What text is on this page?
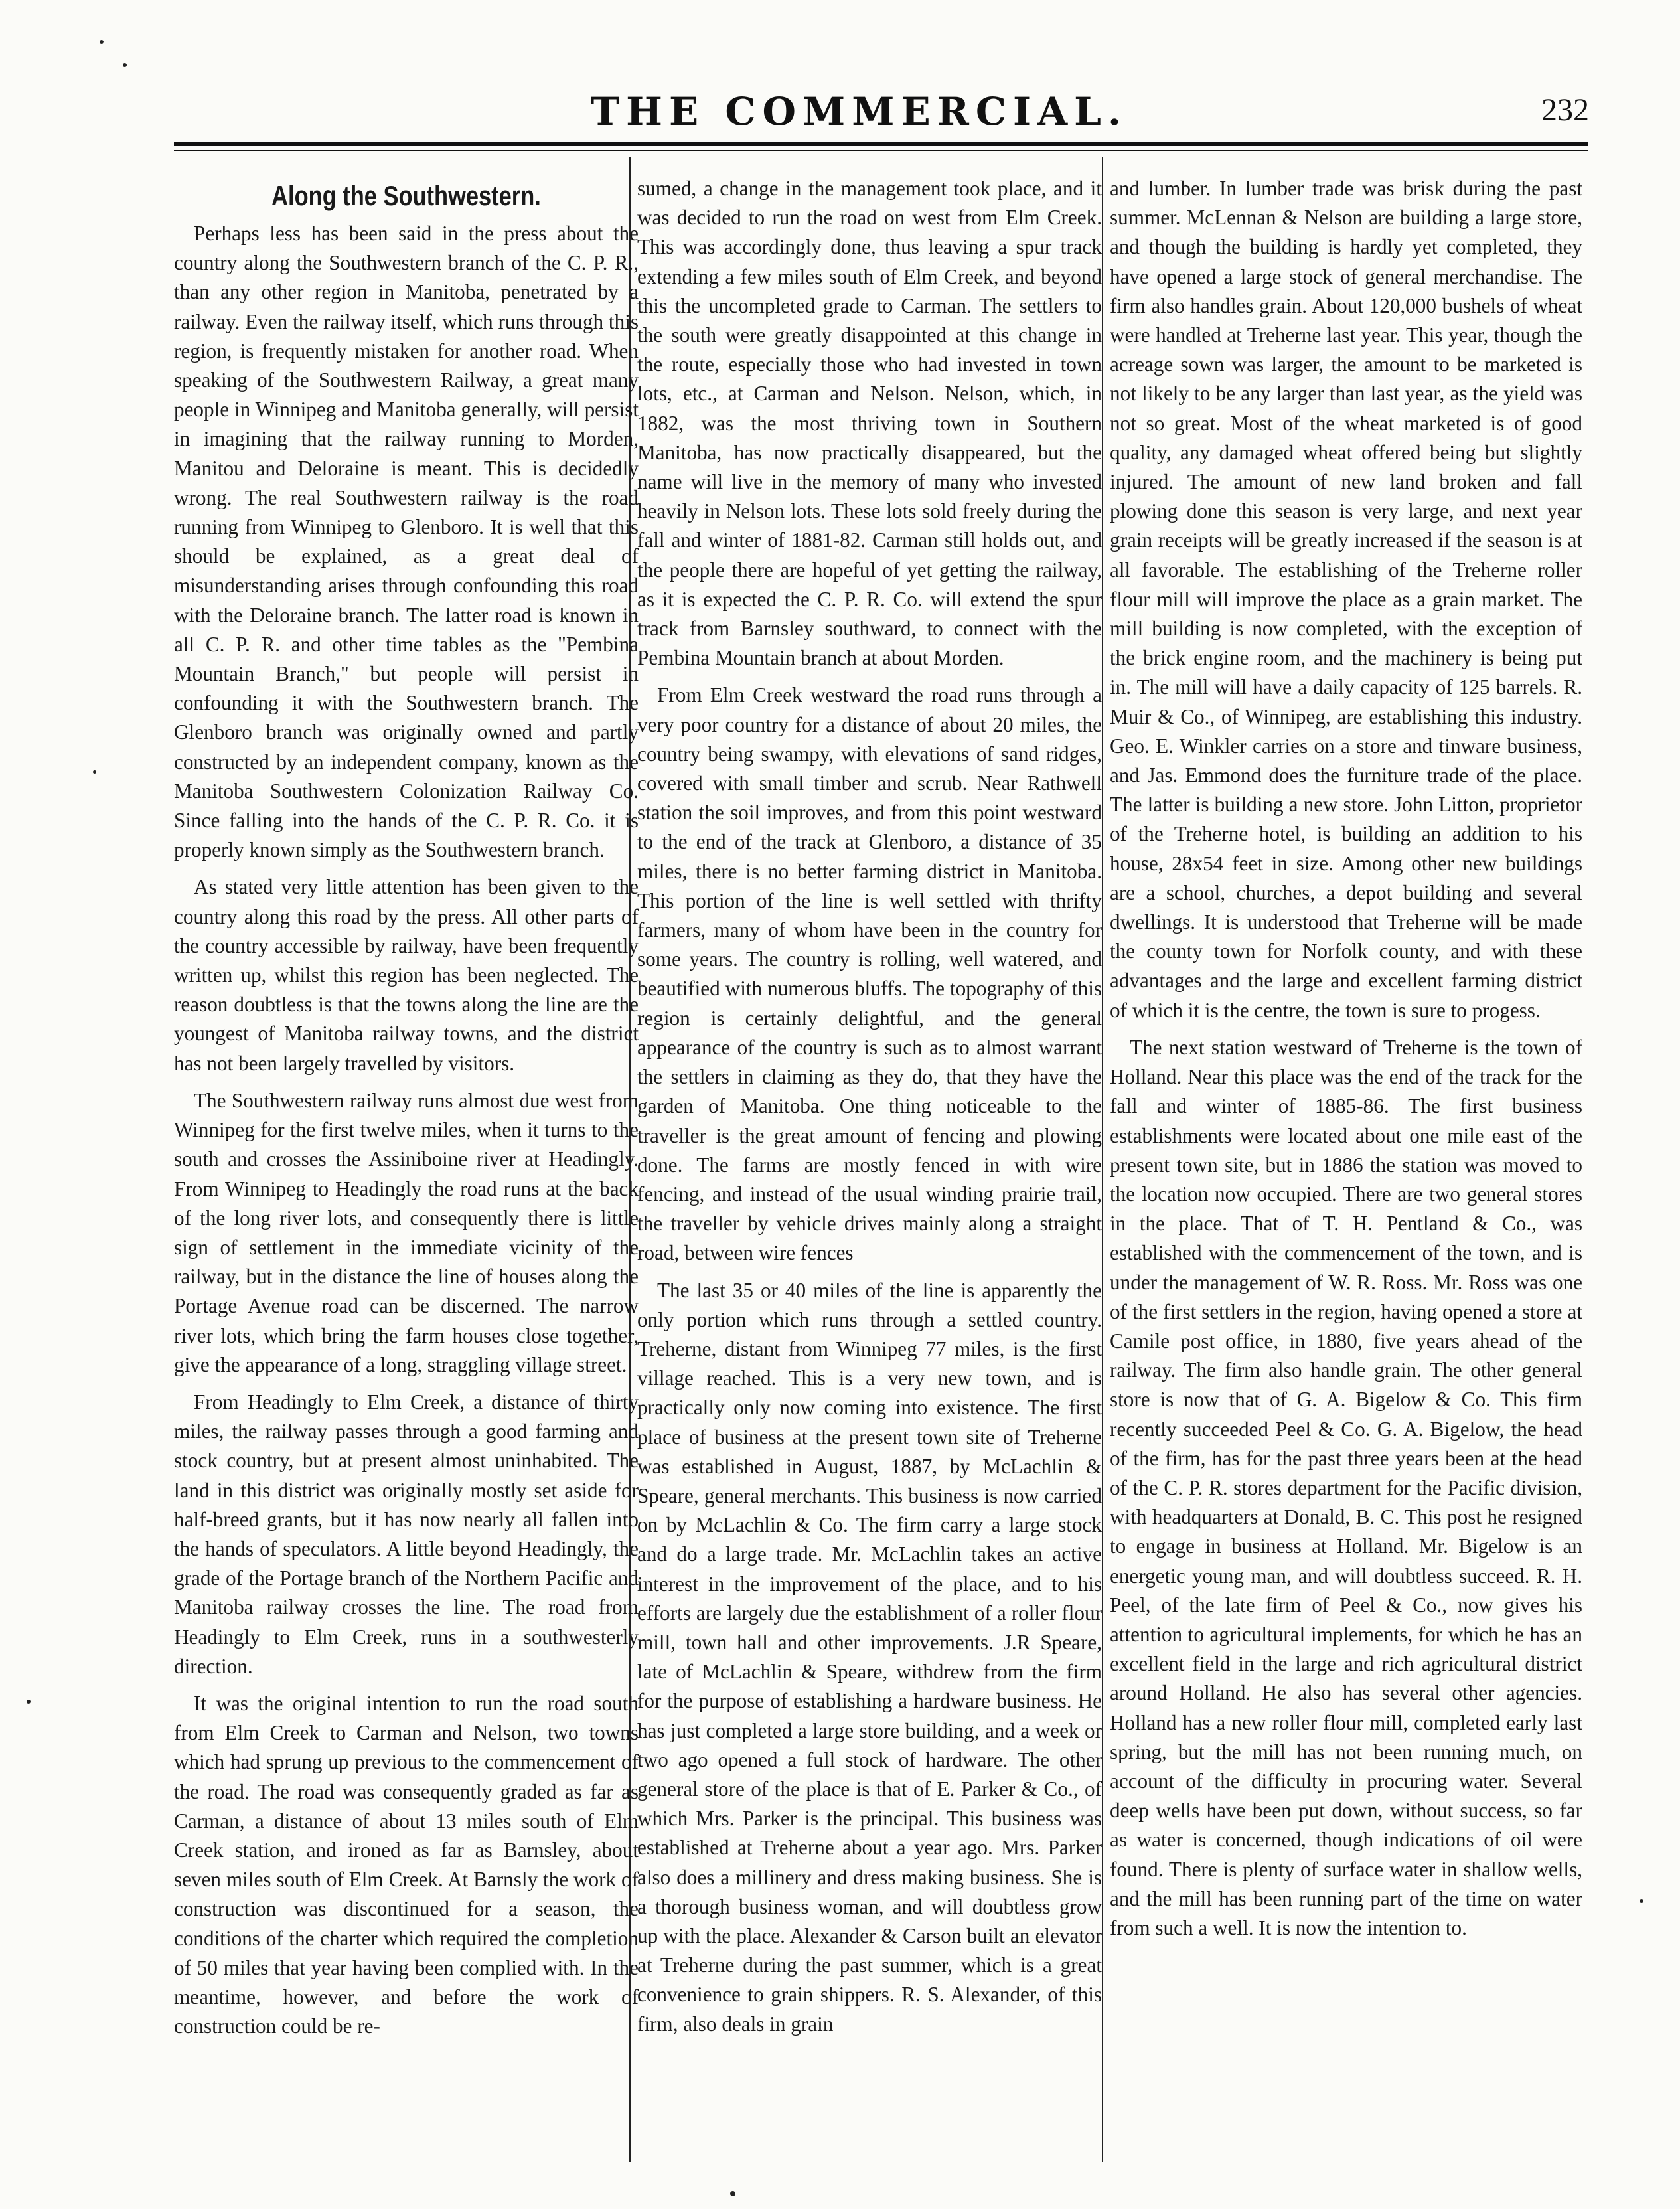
THE COMMERCIAL.	232
Along the Southwestern.

Perhaps less has been said in the press about the country along the Southwestern branch of the C. P. R., than any other region in Manitoba, penetrated by a railway. Even the railway itself, which runs through this region, is frequently mistaken for another road. When speaking of the Southwestern Railway, a great many people in Winnipeg and Manitoba generally, will persist in imagining that the railway running to Morden, Manitou and Deloraine is meant. This is decidedly wrong. The real Southwestern railway is the road running from Winnipeg to Glenboro. It is well that this should be explained, as a great deal of misunderstanding arises through confounding this road with the Deloraine branch. The latter road is known in all C. P. R. and other time tables as the "Pembina Mountain Branch," but people will persist in confounding it with the Southwestern branch. The Glenboro branch was originally owned and partly constructed by an independent company, known as the Manitoba Southwestern Colonization Railway Co. Since falling into the hands of the C. P. R. Co. it is properly known simply as the Southwestern branch.

As stated very little attention has been given to the country along this road by the press. All other parts of the country accessible by railway, have been frequently written up, whilst this region has been neglected. The reason doubtless is that the towns along the line are the youngest of Manitoba railway towns, and the district has not been largely travelled by visitors.

The Southwestern railway runs almost due west from Winnipeg for the first twelve miles, when it turns to the south and crosses the Assiniboine river at Headingly. From Winnipeg to Headingly the road runs at the back of the long river lots, and consequently there is little sign of settlement in the immediate vicinity of the railway, but in the distance the line of houses along the Portage Avenue road can be discerned. The narrow river lots, which bring the farm houses close together, give the appearance of a long, straggling village street.

From Headingly to Elm Creek, a distance of thirty miles, the railway passes through a good farming and stock country, but at present almost uninhabited. The land in this district was originally mostly set aside for half-breed grants, but it has now nearly all fallen into the hands of speculators. A little beyond Headingly, the grade of the Portage branch of the Northern Pacific and Manitoba railway crosses the line. The road from Headingly to Elm Creek, runs in a southwesterly direction.

It was the original intention to run the road south from Elm Creek to Carman and Nelson, two towns which had sprung up previous to the commencement of the road. The road was consequently graded as far as Carman, a distance of about 13 miles south of Elm Creek station, and ironed as far as Barnsley, about seven miles south of Elm Creek. At Barnsly the work of construction was discontinued for a season, the conditions of the charter which required the completion of 50 miles that year having been complied with. In the meantime, however, and before the work of construction could be re-

sumed, a change in the management took place, and it was decided to run the road on west from Elm Creek. This was accordingly done, thus leaving a spur track extending a few miles south of Elm Creek, and beyond this the uncompleted grade to Carman. The settlers to the south were greatly disappointed at this change in the route, especially those who had invested in town lots, etc., at Carman and Nelson. Nelson, which, in 1882, was the most thriving town in Southern Manitoba, has now practically disappeared, but the name will live in the memory of many who invested heavily in Nelson lots. These lots sold freely during the fall and winter of 1881-82. Carman still holds out, and the people there are hopeful of yet getting the railway, as it is expected the C. P. R. Co. will extend the spur track from Barnsley southward, to connect with the Pembina Mountain branch at about Morden.

From Elm Creek westward the road runs through a very poor country for a distance of about 20 miles, the country being swampy, with elevations of sand ridges, covered with small timber and scrub. Near Rathwell station the soil improves, and from this point westward to the end of the track at Glenboro, a distance of 35 miles, there is no better farming district in Manitoba. This portion of the line is well settled with thrifty farmers, many of whom have been in the country for some years. The country is rolling, well watered, and beautified with numerous bluffs. The topography of this region is certainly delightful, and the general appearance of the country is such as to almost warrant the settlers in claiming as they do, that they have the garden of Manitoba. One thing noticeable to the traveller is the great amount of fencing and plowing done. The farms are mostly fenced in with wire fencing, and instead of the usual winding prairie trail, the traveller by vehicle drives mainly along a straight road, between wire fences

The last 35 or 40 miles of the line is apparently the only portion which runs through a settled country. Treherne, distant from Winnipeg 77 miles, is the first village reached. This is a very new town, and is practically only now coming into existence. The first place of business at the present town site of Treherne was established in August, 1887, by McLachlin & Speare, general merchants. This business is now carried on by McLachlin & Co. The firm carry a large stock and do a large trade. Mr. McLachlin takes an active interest in the improvement of the place, and to his efforts are largely due the establishment of a roller flour mill, town hall and other improvements. J.R Speare, late of McLachlin & Speare, withdrew from the firm for the purpose of establishing a hardware business. He has just completed a large store building, and a week or two ago opened a full stock of hardware. The other general store of the place is that of E. Parker & Co., of which Mrs. Parker is the principal. This business was established at Treherne about a year ago. Mrs. Parker also does a millinery and dress making business. She is a thorough business woman, and will doubtless grow up with the place. Alexander & Carson built an elevator at Treherne during the past summer, which is a great convenience to grain shippers. R. S. Alexander, of this firm, also deals in grain

and lumber. In lumber trade was brisk during the past summer. McLennan & Nelson are building a large store, and though the building is hardly yet completed, they have opened a large stock of general merchandise. The firm also handles grain. About 120,000 bushels of wheat were handled at Treherne last year. This year, though the acreage sown was larger, the amount to be marketed is not likely to be any larger than last year, as the yield was not so great. Most of the wheat marketed is of good quality, any damaged wheat offered being but slightly injured. The amount of new land broken and fall plowing done this season is very large, and next year grain receipts will be greatly increased if the season is at all favorable. The establishing of the Treherne roller flour mill will improve the place as a grain market. The mill building is now completed, with the exception of the brick engine room, and the machinery is being put in. The mill will have a daily capacity of 125 barrels. R. Muir & Co., of Winnipeg, are establishing this industry. Geo. E. Winkler carries on a store and tinware business, and Jas. Emmond does the furniture trade of the place. The latter is building a new store. John Litton, proprietor of the Treherne hotel, is building an addition to his house, 28x54 feet in size. Among other new buildings are a school, churches, a depot building and several dwellings. It is understood that Treherne will be made the county town for Norfolk county, and with these advantages and the large and excellent farming district of which it is the centre, the town is sure to progess.

The next station westward of Treherne is the town of Holland. Near this place was the end of the track for the fall and winter of 1885-86. The first business establishments were located about one mile east of the present town site, but in 1886 the station was moved to the location now occupied. There are two general stores in the place. That of T. H. Pentland & Co., was established with the commencement of the town, and is under the management of W. R. Ross. Mr. Ross was one of the first settlers in the region, having opened a store at Camile post office, in 1880, five years ahead of the railway. The firm also handle grain. The other general store is now that of G. A. Bigelow & Co. This firm recently succeeded Peel & Co. G. A. Bigelow, the head of the firm, has for the past three years been at the head of the C. P. R. stores department for the Pacific division, with headquarters at Donald, B. C. This post he resigned to engage in business at Holland. Mr. Bigelow is an energetic young man, and will doubtless succeed. R. H. Peel, of the late firm of Peel & Co., now gives his attention to agricultural implements, for which he has an excellent field in the large and rich agricultural district around Holland. He also has several other agencies. Holland has a new roller flour mill, completed early last spring, but the mill has not been running much, on account of the difficulty in procuring water. Several deep wells have been put down, without success, so far as water is concerned, though indications of oil were found. There is plenty of surface water in shallow wells, and the mill has been running part of the time on water from such a well. It is now the intention to.
